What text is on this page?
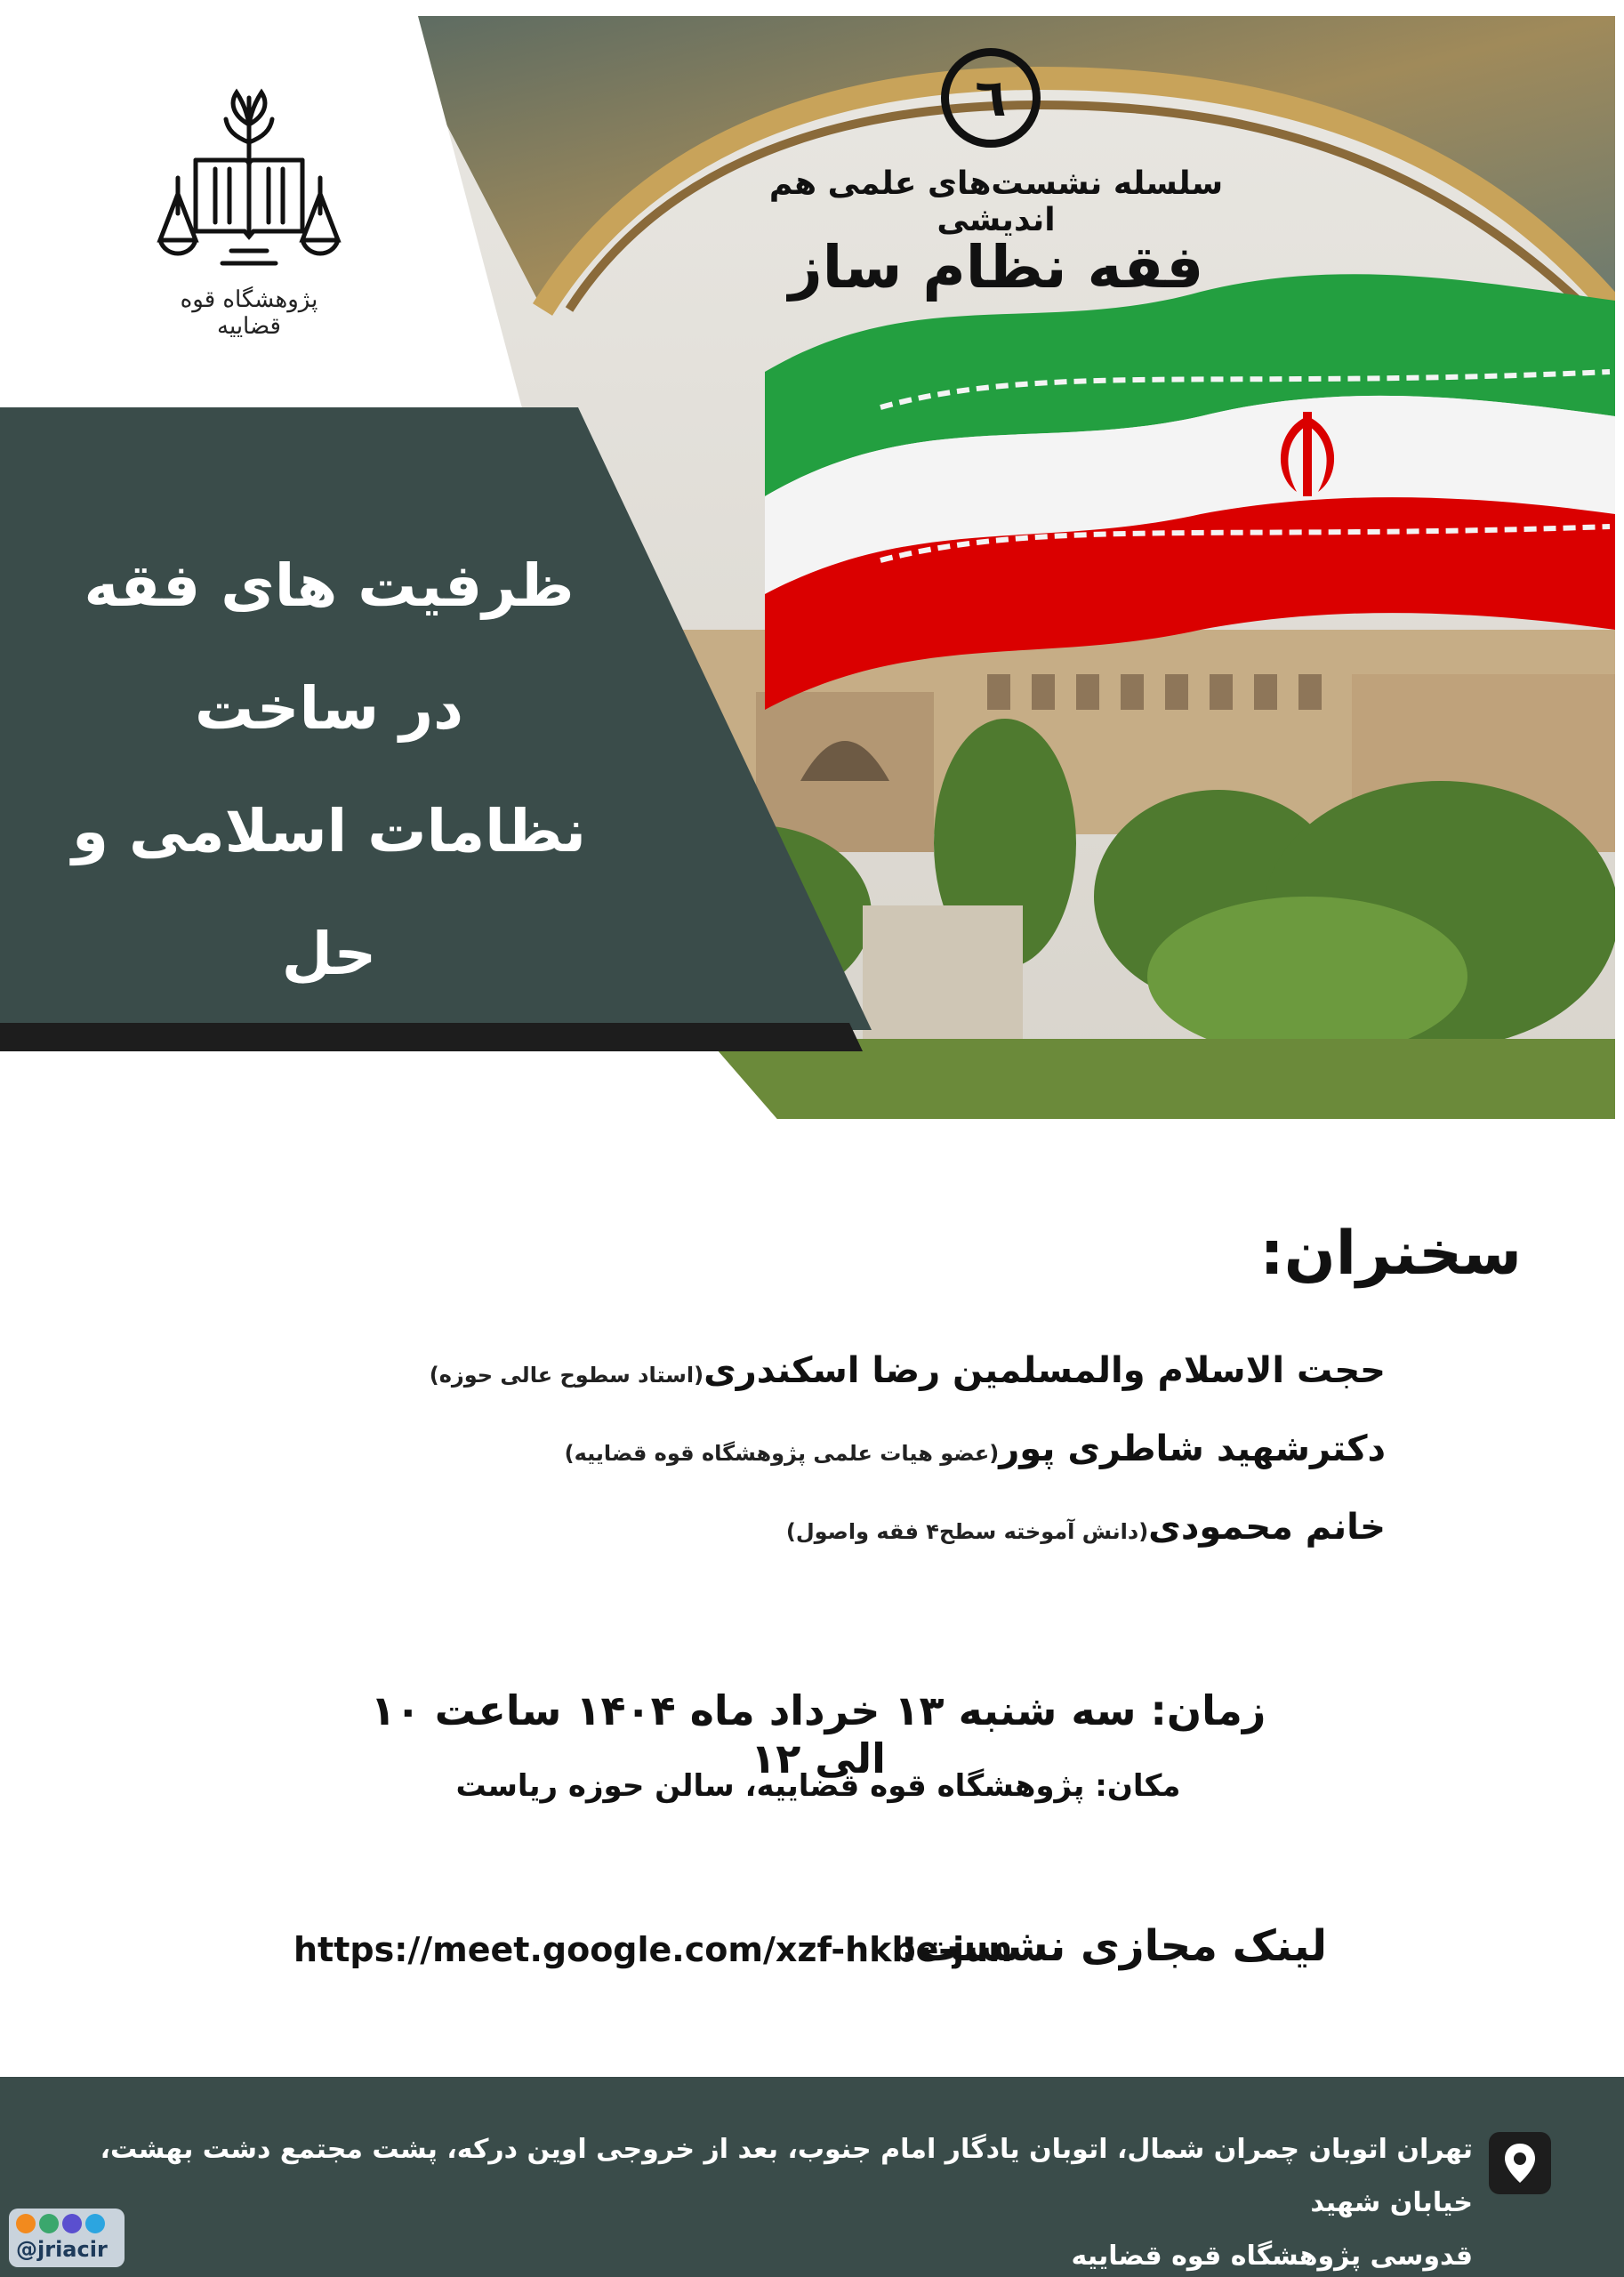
ظرفیت های فقه در ساخت
نظامات اسلامی و حل
چالش های نظام قضایی
پژوهشگاه قوه قضاییه
٦
سلسله نشست‌های علمی هم اندیشی
فقه نظام ساز
سخنران:
حجت الاسلام والمسلمین رضا اسکندری(استاد سطوح عالی حوزه)
دکترشهید شاطری پور(عضو هیات علمی پژوهشگاه قوه قضاییه)
خانم محمودی(دانش آموخته سطح۴ فقه واصول)
زمان: سه شنبه ۱۳ خرداد ماه ۱۴۰۴ ساعت ۱۰ الی ۱۲
مکان: پژوهشگاه قوه قضاییه، سالن حوزه ریاست
لینک مجازی نشست:
https://meet.google.com/xzf-hkbe-jun
تهران اتوبان چمران شمال، اتوبان یادگار امام جنوب، بعد از خروجی اوین درکه، پشت مجتمع دشت بهشت، خیابان شهید
قدوسی پژوهشگاه قوه قضاییه
@jriacir
